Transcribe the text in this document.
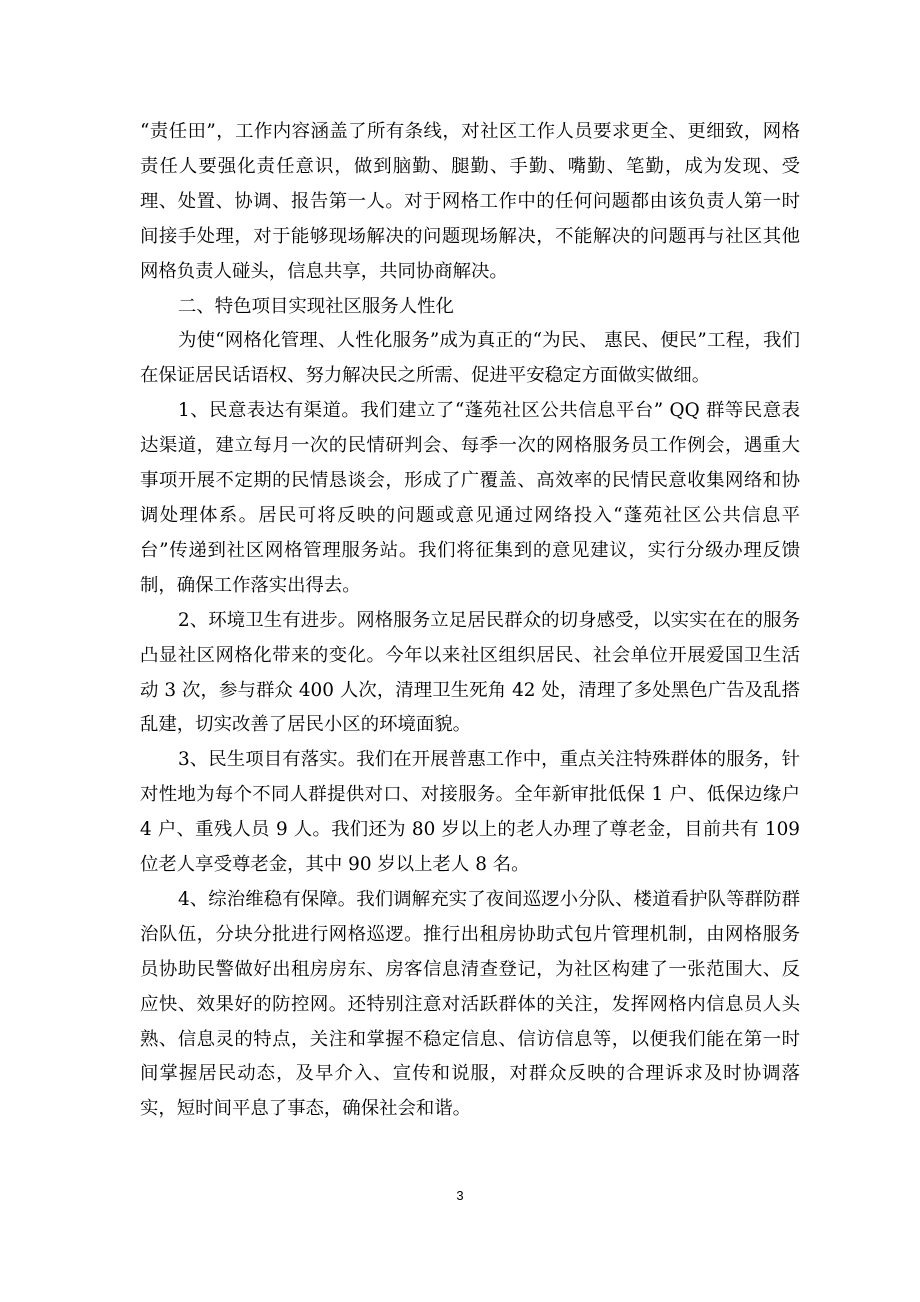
“责任田”，工作内容涵盖了所有条线，对社区工作人员要求更全、更细致，网格责任人要强化责任意识，做到脑勤、腿勤、手勤、嘴勤、笔勤，成为发现、受理、处置、协调、报告第一人。对于网格工作中的任何问题都由该负责人第一时间接手处理，对于能够现场解决的问题现场解决，不能解决的问题再与社区其他网格负责人碰头，信息共享，共同协商解决。

二、特色项目实现社区服务人性化

为使“网格化管理、人性化服务”成为真正的“为民、 惠民、便民”工程，我们在保证居民话语权、努力解决民之所需、促进平安稳定方面做实做细。

1、民意表达有渠道。我们建立了“蓬苑社区公共信息平台” QQ 群等民意表达渠道，建立每月一次的民情研判会、每季一次的网格服务员工作例会，遇重大事项开展不定期的民情恳谈会，形成了广覆盖、高效率的民情民意收集网络和协调处理体系。居民可将反映的问题或意见通过网络投入“蓬苑社区公共信息平台”传递到社区网格管理服务站。我们将征集到的意见建议，实行分级办理反馈制，确保工作落实出得去。

2、环境卫生有进步。网格服务立足居民群众的切身感受，以实实在在的服务凸显社区网格化带来的变化。今年以来社区组织居民、社会单位开展爱国卫生活动 3 次，参与群众 400 人次，清理卫生死角 42 处，清理了多处黑色广告及乱搭乱建，切实改善了居民小区的环境面貌。

3、民生项目有落实。我们在开展普惠工作中，重点关注特殊群体的服务，针对性地为每个不同人群提供对口、对接服务。全年新审批低保 1 户、低保边缘户 4 户、重残人员 9 人。我们还为 80 岁以上的老人办理了尊老金，目前共有 109 位老人享受尊老金，其中 90 岁以上老人 8 名。

4、综治维稳有保障。我们调解充实了夜间巡逻小分队、楼道看护队等群防群治队伍，分块分批进行网格巡逻。推行出租房协助式包片管理机制，由网格服务员协助民警做好出租房房东、房客信息清查登记，为社区构建了一张范围大、反应快、效果好的防控网。还特别注意对活跃群体的关注，发挥网格内信息员人头熟、信息灵的特点，关注和掌握不稳定信息、信访信息等，以便我们能在第一时间掌握居民动态，及早介入、宣传和说服，对群众反映的合理诉求及时协调落实，短时间平息了事态，确保社会和谐。

3
